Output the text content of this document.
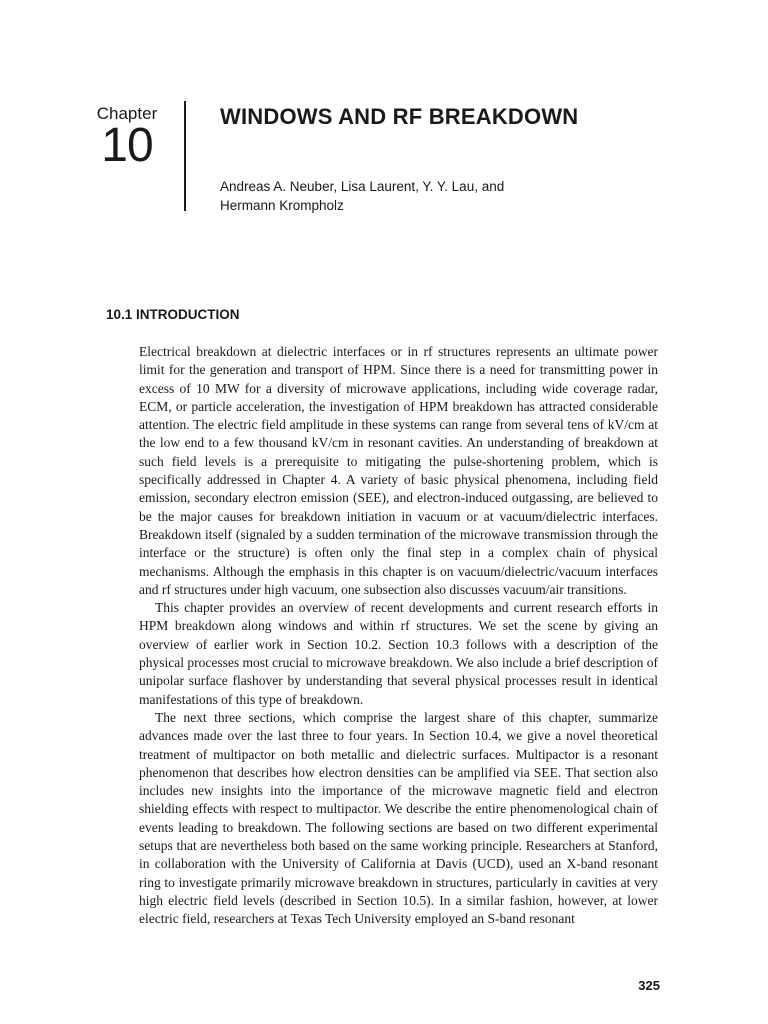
Chapter
10
WINDOWS AND RF BREAKDOWN
Andreas A. Neuber, Lisa Laurent, Y. Y. Lau, and
Hermann Krompholz
10.1 INTRODUCTION

Electrical breakdown at dielectric interfaces or in rf structures represents an ultimate power limit for the generation and transport of HPM. Since there is a need for transmitting power in excess of 10 MW for a diversity of microwave applications, including wide coverage radar, ECM, or particle acceleration, the investigation of HPM breakdown has attracted considerable attention. The electric field amplitude in these systems can range from several tens of kV/cm at the low end to a few thousand kV/cm in resonant cavities. An understanding of breakdown at such field levels is a prerequisite to mitigating the pulse-shortening problem, which is specifically addressed in Chapter 4. A variety of basic physical phenomena, including field emission, secondary electron emission (SEE), and electron-induced outgassing, are believed to be the major causes for breakdown initiation in vacuum or at vacuum/dielectric interfaces. Breakdown itself (signaled by a sudden termination of the microwave transmission through the interface or the structure) is often only the final step in a complex chain of physical mechanisms. Although the emphasis in this chapter is on vacuum/dielectric/vacuum interfaces and rf structures under high vacuum, one subsection also discusses vacuum/air transitions.

This chapter provides an overview of recent developments and current research efforts in HPM breakdown along windows and within rf structures. We set the scene by giving an overview of earlier work in Section 10.2. Section 10.3 follows with a description of the physical processes most crucial to microwave breakdown. We also include a brief description of unipolar surface flashover by understanding that several physical processes result in identical manifestations of this type of breakdown.

The next three sections, which comprise the largest share of this chapter, summarize advances made over the last three to four years. In Section 10.4, we give a novel theoretical treatment of multipactor on both metallic and dielectric surfaces. Multipactor is a resonant phenomenon that describes how electron densities can be amplified via SEE. That section also includes new insights into the importance of the microwave magnetic field and electron shielding effects with respect to multipactor. We describe the entire phenomenological chain of events leading to breakdown. The following sections are based on two different experimental setups that are nevertheless both based on the same working principle. Researchers at Stanford, in collaboration with the University of California at Davis (UCD), used an X-band resonant ring to investigate primarily microwave breakdown in structures, particularly in cavities at very high electric field levels (described in Section 10.5). In a similar fashion, however, at lower electric field, researchers at Texas Tech University employed an S-band resonant

325
